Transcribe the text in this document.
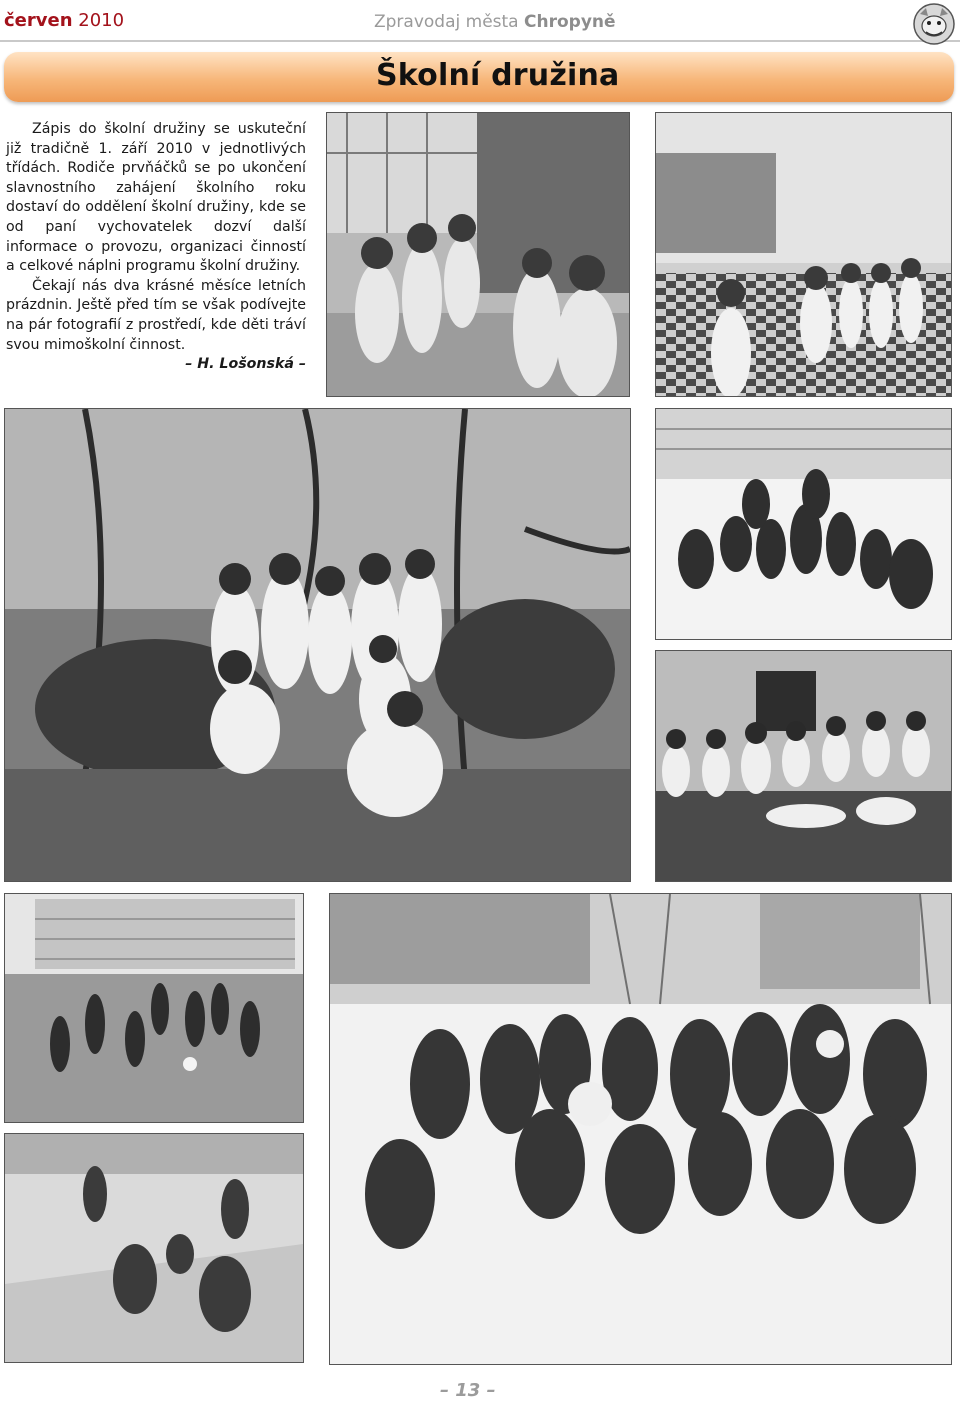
červen 2010	Zpravodaj města Chropyně
Školní družina

Zápis do školní družiny se uskuteční již tradičně 1. září 2010 v jednotlivých třídách. Rodiče prvňáčků se po ukončení slavnostního zahájení školního roku dostaví do oddělení školní družiny, kde se od paní vychovatelek dozví další informace o provozu, organizaci činností a celkové náplni programu školní družiny.

Čekají nás dva krásné měsíce letních prázdnin. Ještě před tím se však podívejte na pár fotografií z prostředí, kde děti tráví svou mimoškolní činnost.

– H. Lošonská –

– 13 –
